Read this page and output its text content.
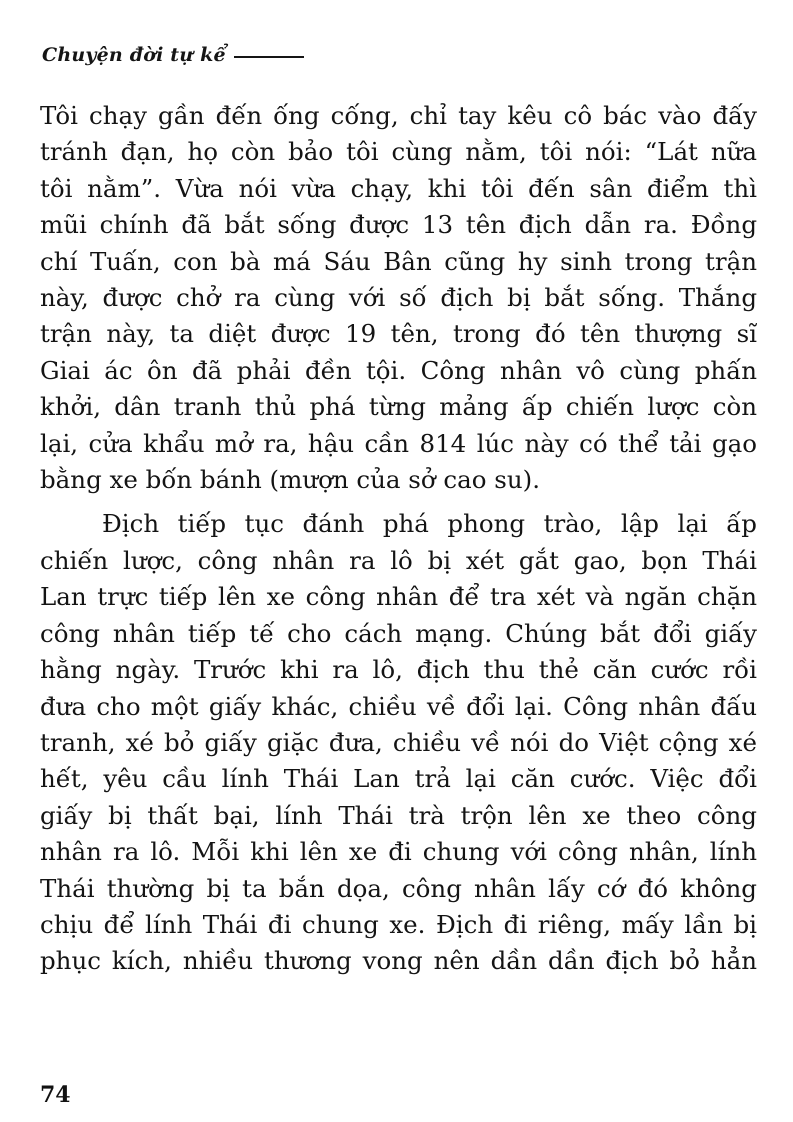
Chuyện đời tự kể
Tôi chạy gần đến ống cống, chỉ tay kêu cô bác vào đấy
tránh đạn, họ còn bảo tôi cùng nằm, tôi nói: “Lát nữa
tôi nằm”. Vừa nói vừa chạy, khi tôi đến sân điểm thì
mũi chính đã bắt sống được 13 tên địch dẫn ra. Đồng
chí Tuấn, con bà má Sáu Bân cũng hy sinh trong trận
này, được chở ra cùng với số địch bị bắt sống. Thắng
trận này, ta diệt được 19 tên, trong đó tên thượng sĩ
Giai ác ôn đã phải đền tội. Công nhân vô cùng phấn
khởi, dân tranh thủ phá từng mảng ấp chiến lược còn
lại, cửa khẩu mở ra, hậu cần 814 lúc này có thể tải gạo
bằng xe bốn bánh (mượn của sở cao su).
Địch tiếp tục đánh phá phong trào, lập lại ấp
chiến lược, công nhân ra lô bị xét gắt gao, bọn Thái
Lan trực tiếp lên xe công nhân để tra xét và ngăn chặn
công nhân tiếp tế cho cách mạng. Chúng bắt đổi giấy
hằng ngày. Trước khi ra lô, địch thu thẻ căn cước rồi
đưa cho một giấy khác, chiều về đổi lại. Công nhân đấu
tranh, xé bỏ giấy giặc đưa, chiều về nói do Việt cộng xé
hết, yêu cầu lính Thái Lan trả lại căn cước. Việc đổi
giấy bị thất bại, lính Thái trà trộn lên xe theo công
nhân ra lô. Mỗi khi lên xe đi chung với công nhân, lính
Thái thường bị ta bắn dọa, công nhân lấy cớ đó không
chịu để lính Thái đi chung xe. Địch đi riêng, mấy lần bị
phục kích, nhiều thương vong nên dần dần địch bỏ hẳn
74
